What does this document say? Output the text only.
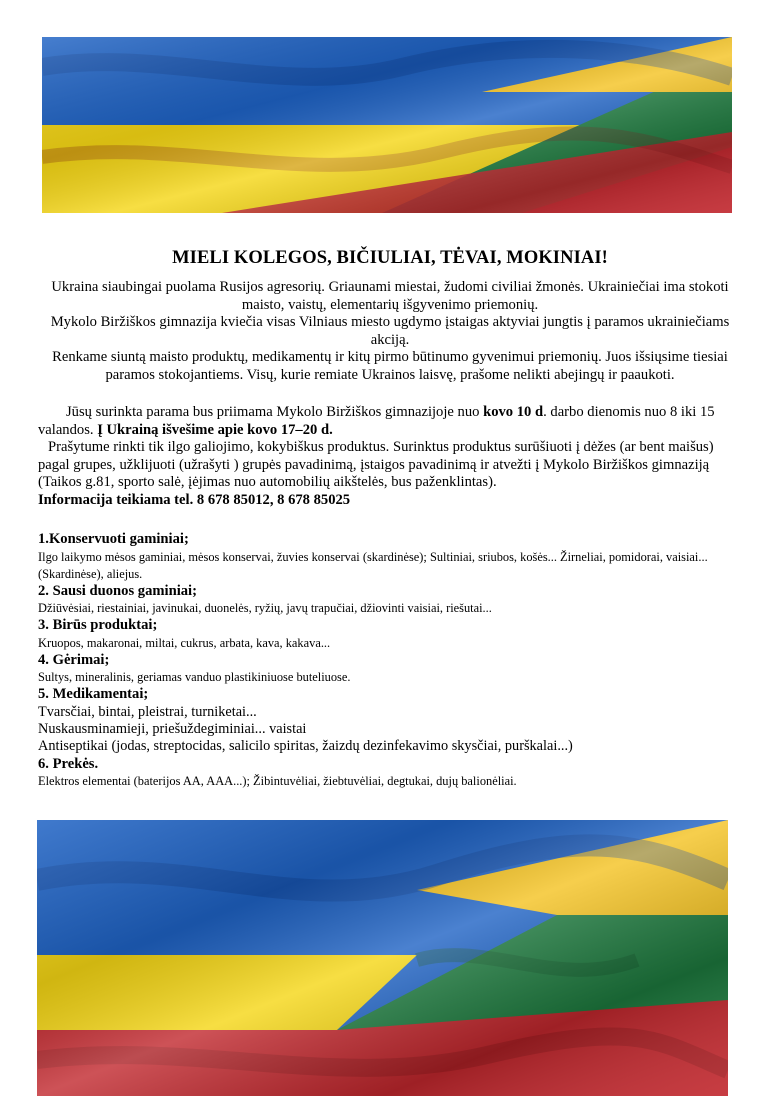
MIELI KOLEGOS, BIČIULIAI, TĖVAI, MOKINIAI!

Ukraina siaubingai puolama Rusijos agresorių. Griaunami miestai, žudomi civiliai žmonės. Ukrainiečiai ima stokoti maisto, vaistų, elementarių išgyvenimo priemonių.

Mykolo Biržiškos gimnazija kviečia visas Vilniaus miesto ugdymo įstaigas aktyviai jungtis į paramos ukrainiečiams akciją.

Renkame siuntą maisto produktų, medikamentų ir kitų pirmo būtinumo gyvenimui priemonių. Juos išsiųsime tiesiai paramos stokojantiems. Visų, kurie remiate Ukrainos laisvę, prašome nelikti abejingų ir paaukoti.

Jūsų surinkta parama bus priimama Mykolo Biržiškos gimnazijoje nuo kovo 10 d. darbo dienomis nuo 8 iki 15 valandos. Į Ukrainą išvešime apie kovo 17–20 d.

Prašytume rinkti tik ilgo galiojimo, kokybiškus produktus. Surinktus produktus surūšiuoti į dėžes (ar bent maišus) pagal grupes, užklijuoti (užrašyti ) grupės pavadinimą, įstaigos pavadinimą ir atvežti į Mykolo Biržiškos gimnaziją (Taikos g.81, sporto salė, įėjimas nuo automobilių aikštelės, bus paženklintas).

Informacija teikiama tel. 8 678 85012, 8 678 85025

1.Konservuoti gaminiai;

Ilgo laikymo mėsos gaminiai, mėsos konservai, žuvies konservai (skardinėse); Sultiniai, sriubos, košės... Žirneliai, pomidorai, vaisiai... (Skardinėse), aliejus.

2. Sausi duonos gaminiai;

Džiūvėsiai, riestainiai, javinukai, duonelės, ryžių, javų trapučiai, džiovinti vaisiai, riešutai...

3. Birūs produktai;

Kruopos, makaronai, miltai, cukrus, arbata, kava, kakava...

4. Gėrimai;

Sultys, mineralinis, geriamas vanduo plastikiniuose buteliuose.

5. Medikamentai;

Tvarsčiai, bintai, pleistrai, turniketai...

Nuskausminamieji, priešuždegiminiai... vaistai

Antiseptikai (jodas, streptocidas, salicilo spiritas, žaizdų dezinfekavimo skysčiai, purškalai...)

6. Prekės.

Elektros elementai (baterijos AA, AAA...); Žibintuvėliai, žiebtuvėliai, degtukai, dujų balionėliai.
